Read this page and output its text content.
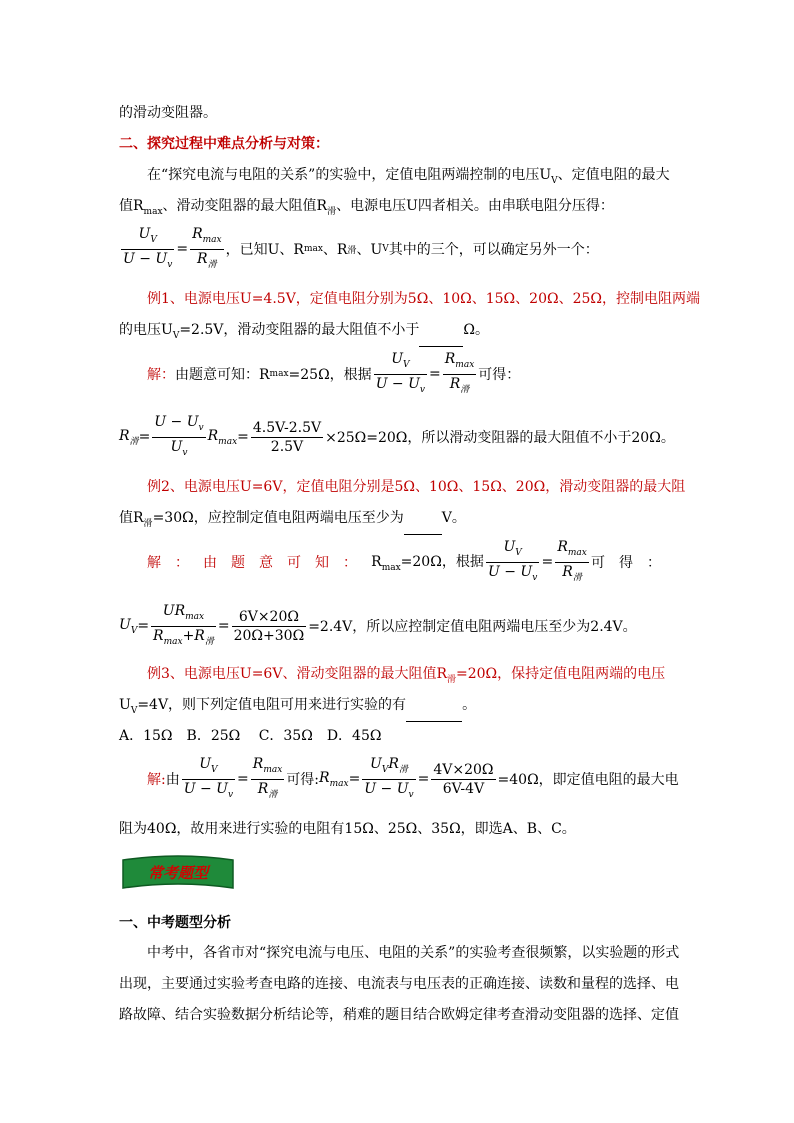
的滑动变阻器。
二、探究过程中难点分析与对策：
在“探究电流与电阻的关系”的实验中，定值电阻两端控制的电压$U_V$、定值电阻的最大
值$R_{max}$、滑动变阻器的最大阻值$R_滑$、电源电压U四者相关。由串联电阻分压得：
$\frac{U_V}{U - U_v} = \frac{R_{max}}{R_滑}$ ，已知U、R max 、R 滑 、U V 其中的三个，可以确定另外一个：
例1、电源电压U=4.5V，定值电阻分别为5Ω、10Ω、15Ω、20Ω、25Ω，控制电阻两端
的电压$U_V=2.5V$，滑动变阻器的最大阻值不小于	Ω。
解： 由题意可知：R max =25Ω，根据 $\frac{U_V}{U - U_v} = \frac{R_{max}}{R_滑}$ 可得：
$R_滑 = \frac{U - U_v}{U_v} R_{max} = \frac{4.5V-2.5V}{2.5V} \times 25\Omega=20\Omega$，所以滑动变阻器的最大阻值不小于20Ω。
例2、电源电压U=6V，定值电阻分别是5Ω、10Ω、15Ω、20Ω，滑动变阻器的最大阻
值$R_滑=30\Omega$，应控制定值电阻两端电压至少为	V。
解：由题意可知： $R_{max}=20\Omega$，根据 $\frac{U_V}{U - U_v} = \frac{R_{max}}{R_滑}$ 可得：
$U_V = \frac{UR_{max}}{R_{max}+R_滑} = \frac{6V\times 20\Omega}{20\Omega+30\Omega} =2.4V$，所以应控制定值电阻两端电压至少为2.4V。
例3、电源电压U=6V、滑动变阻器的最大阻值$R_滑=20\Omega$，保持定值电阻两端的电压
$U_V=4V$，则下列定值电阻可用来进行实验的有	。
A．15Ω　B．25Ω　 C．35Ω　D．45Ω
解: 由 $\frac{U_V}{U - U_v} = \frac{R_{max}}{R_滑}$ 可得: $R_{max} = \frac{U_VR_滑}{U - U_v} = \frac{4V\times 20\Omega}{6V-4V} =40\Omega$，即定值电阻的最大电
阻为40Ω，故用来进行实验的电阻有15Ω、25Ω、35Ω，即选A、B、C。
常考题型
一、中考题型分析
中考中，各省市对“探究电流与电压、电阻的关系”的实验考查很频繁，以实验题的形式
出现，主要通过实验考查电路的连接、电流表与电压表的正确连接、读数和量程的选择、电
路故障、结合实验数据分析结论等，稍难的题目结合欧姆定律考查滑动变阻器的选择、定值
